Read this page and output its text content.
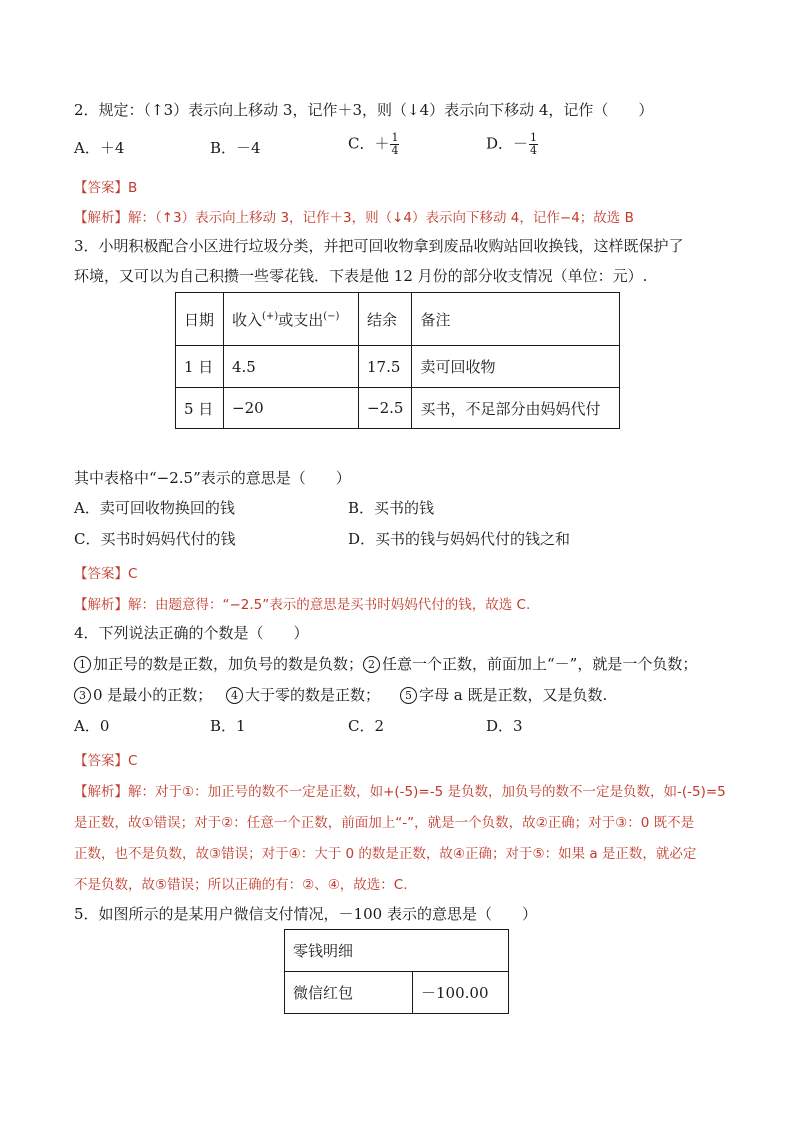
2．规定：（↑3）表示向上移动 3，记作＋3，则（↓4）表示向下移动 4，记作（　　）
A．＋4	B．－4	C．＋ $\frac{1}{4}$	D．－ $\frac{1}{4}$
【答案】B
【解析】解：（↑3）表示向上移动 3，记作＋3，则（↓4）表示向下移动 4，记作−4；故选 B
3．小明积极配合小区进行垃圾分类，并把可回收物拿到废品收购站回收换钱，这样既保护了
环境，又可以为自己积攒一些零花钱．下表是他 12 月份的部分收支情况（单位：元）.
日期	收入(+)或支出(−)	结余	备注
1 日	4.5	17.5	卖可回收物
5 日	−20	−2.5	买书，不足部分由妈妈代付
其中表格中“−2.5”表示的意思是（　　）
A．卖可回收物换回的钱	B．买书的钱
C．买书时妈妈代付的钱	D．买书的钱与妈妈代付的钱之和
【答案】C
【解析】解：由题意得：“−2.5”表示的意思是买书时妈妈代付的钱，故选 C.
4．下列说法正确的个数是（　　）
1 加正号的数是正数，加负号的数是负数； 2 任意一个正数，前面加上“－”，就是一个负数；
3 0 是最小的正数；	4 大于零的数是正数；	5 字母 a 既是正数，又是负数.
A．0	B．1	C．2	D．3
【答案】C
【解析】解：对于①：加正号的数不一定是正数，如+(-5)=-5 是负数，加负号的数不一定是负数，如-(-5)=5
是正数，故①错误；对于②：任意一个正数，前面加上“-”，就是一个负数，故②正确；对于③：0 既不是
正数，也不是负数，故③错误；对于④：大于 0 的数是正数，故④正确；对于⑤：如果 a 是正数，就必定
不是负数，故⑤错误；所以正确的有：②、④，故选：C.
5．如图所示的是某用户微信支付情况，－100 表示的意思是（　　）
零钱明细
微信红包	－100.00
